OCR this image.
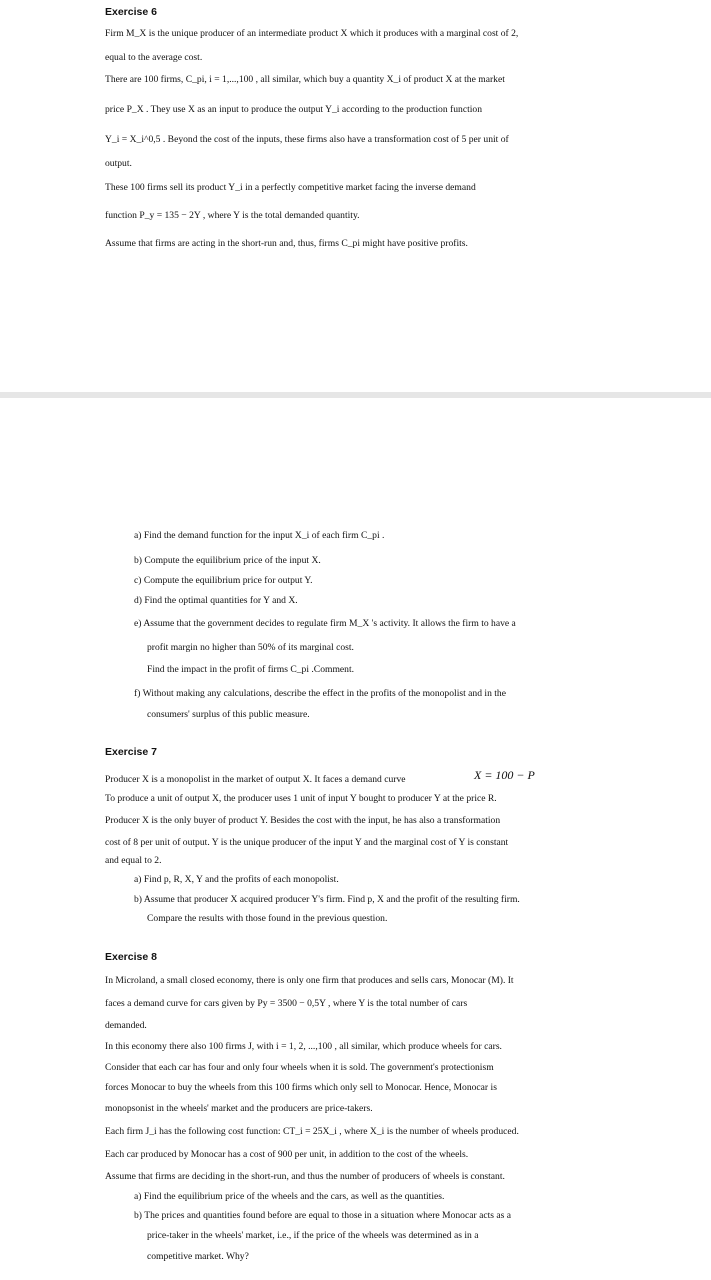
Exercise 6
Firm M_X is the unique producer of an intermediate product X which it produces with a marginal cost of 2,
equal to the average cost.
There are 100 firms, C_pi, i = 1,...,100 , all similar, which buy a quantity X_i of product X at the market
price P_X . They use X as an input to produce the output Y_i according to the production function
Y_i = X_i^0,5 . Beyond the cost of the inputs, these firms also have a transformation cost of 5 per unit of
output.
These 100 firms sell its product Y_i in a perfectly competitive market facing the inverse demand
function P_y = 135 − 2Y , where Y is the total demanded quantity.
Assume that firms are acting in the short-run and, thus, firms C_pi might have positive profits.
a) Find the demand function for the input X_i of each firm C_pi .
b) Compute the equilibrium price of the input X.
c) Compute the equilibrium price for output Y.
d) Find the optimal quantities for Y and X.
e) Assume that the government decides to regulate firm M_X 's activity. It allows the firm to have a
profit margin no higher than 50% of its marginal cost.
Find the impact in the profit of firms C_pi .Comment.
f) Without making any calculations, describe the effect in the profits of the monopolist and in the
consumers' surplus of this public measure.
Exercise 7
Producer X is a monopolist in the market of output X. It faces a demand curve	X = 100 − P
To produce a unit of output X, the producer uses 1 unit of input Y bought to producer Y at the price R.
Producer X is the only buyer of product Y. Besides the cost with the input, he has also a transformation
cost of 8 per unit of output. Y is the unique producer of the input Y and the marginal cost of Y is constant
and equal to 2.
a) Find p, R, X, Y and the profits of each monopolist.
b) Assume that producer X acquired producer Y's firm. Find p, X and the profit of the resulting firm.
Compare the results with those found in the previous question.
Exercise 8
In Microland, a small closed economy, there is only one firm that produces and sells cars, Monocar (M). It
faces a demand curve for cars given by Py = 3500 − 0,5Y , where Y is the total number of cars
demanded.
In this economy there also 100 firms J, with i = 1, 2, ...,100 , all similar, which produce wheels for cars.
Consider that each car has four and only four wheels when it is sold. The government's protectionism
forces Monocar to buy the wheels from this 100 firms which only sell to Monocar. Hence, Monocar is
monopsonist in the wheels' market and the producers are price-takers.
Each firm J_i has the following cost function: CT_i = 25X_i , where X_i is the number of wheels produced.
Each car produced by Monocar has a cost of 900 per unit, in addition to the cost of the wheels.
Assume that firms are deciding in the short-run, and thus the number of producers of wheels is constant.
a) Find the equilibrium price of the wheels and the cars, as well as the quantities.
b) The prices and quantities found before are equal to those in a situation where Monocar acts as a
price-taker in the wheels' market, i.e., if the price of the wheels was determined as in a
competitive market. Why?
